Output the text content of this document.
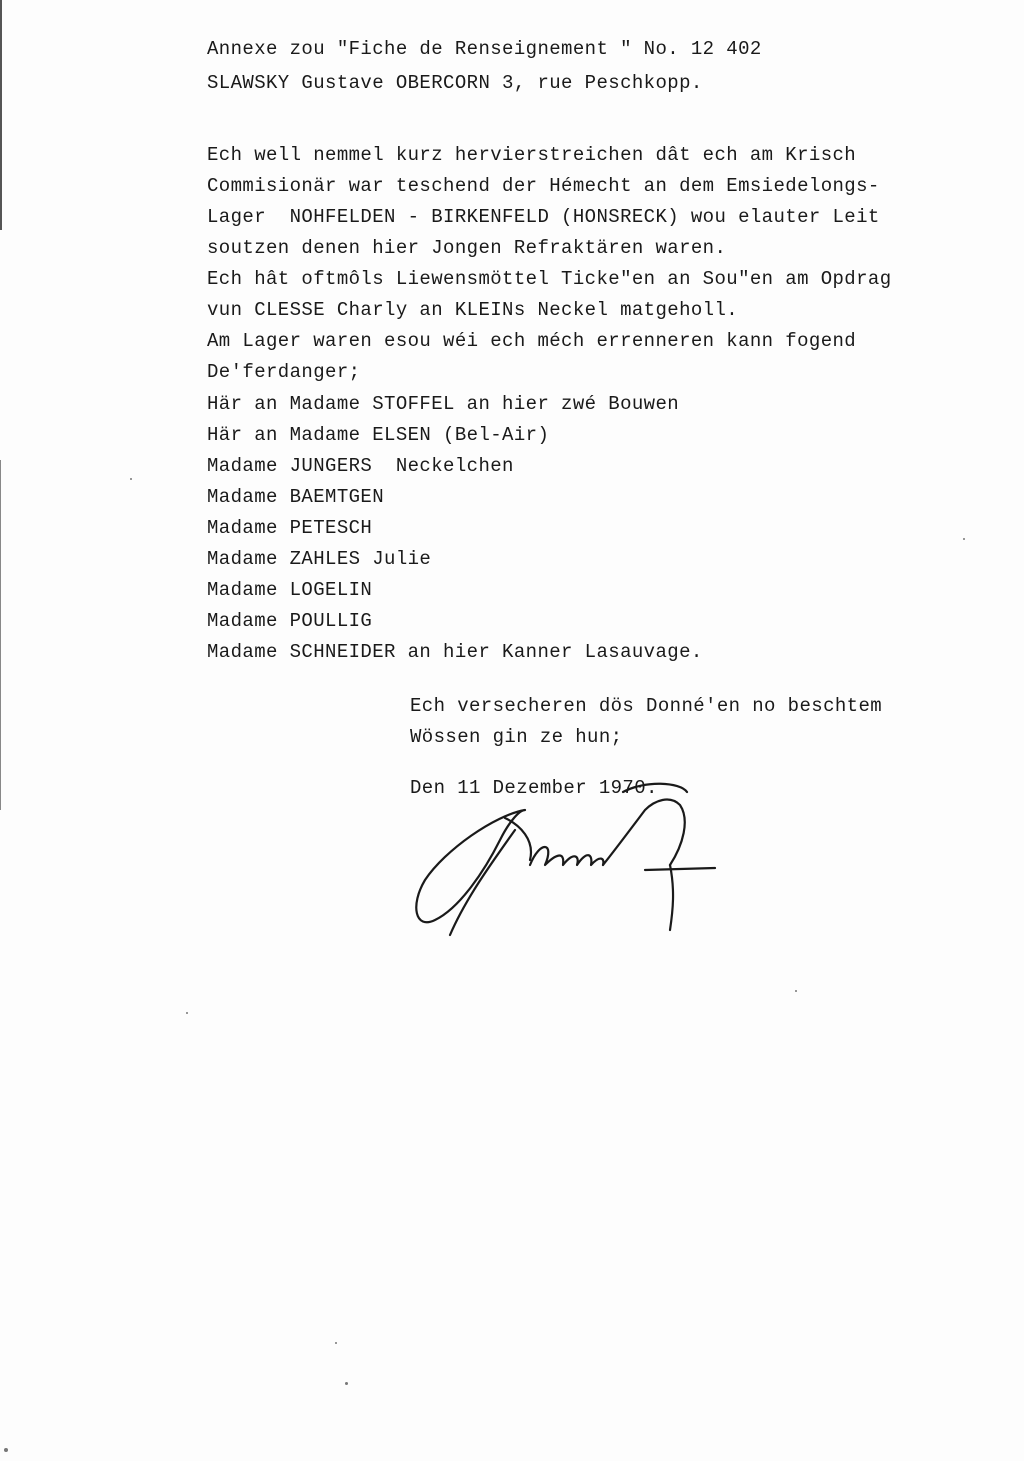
Annexe zou "Fiche de Renseignement " No. 12 402
SLAWSKY Gustave OBERCORN 3, rue Peschkopp.
Ech well nemmel kurz hervierstreichen dât ech am Krisch
Commisionär war teschend der Hémecht an dem Emsiedelongs-
Lager  NOHFELDEN - BIRKENFELD (HONSRECK) wou elauter Leit
soutzen denen hier Jongen Refraktären waren.
Ech hât oftmôls Liewensmöttel Ticke"en an Sou"en am Opdrag
vun CLESSE Charly an KLEINs Neckel matgeholl.
Am Lager waren esou wéi ech méch errenneren kann fogend
De'ferdanger;
Här an Madame STOFFEL an hier zwé Bouwen
Här an Madame ELSEN (Bel-Air)
Madame JUNGERS  Neckelchen
Madame BAEMTGEN
Madame PETESCH
Madame ZAHLES Julie
Madame LOGELIN
Madame POULLIG
Madame SCHNEIDER an hier Kanner Lasauvage.
Ech versecheren dös Donné'en no beschtem
Wössen gin ze hun;
Den 11 Dezember 1970.
